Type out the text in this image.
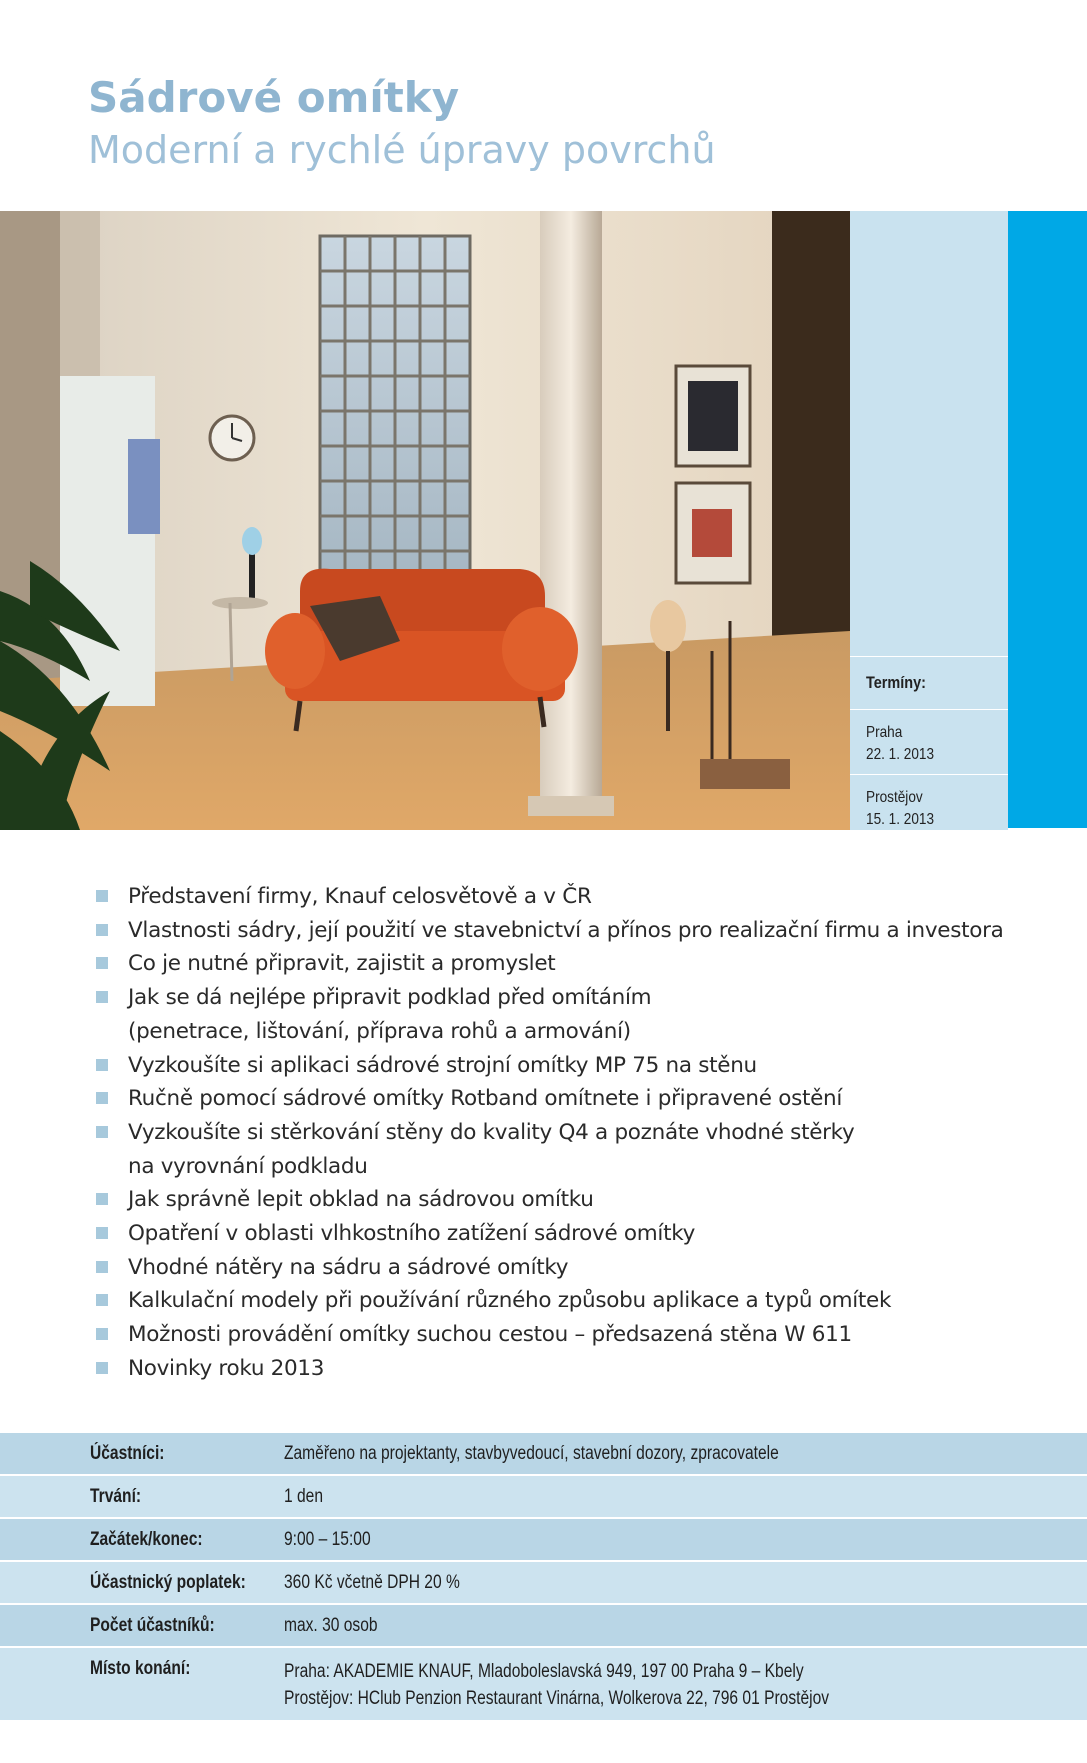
Sádrové omítky
Moderní a rychlé úpravy povrchů
Termíny:
Praha
22. 1. 2013
Prostějov
15. 1. 2013
Představení firmy, Knauf celosvětově a v ČR
Vlastnosti sádry, její použití ve stavebnictví a přínos pro realizační firmu a investora
Co je nutné připravit, zajistit a promyslet
Jak se dá nejlépe připravit podklad před omítáním
(penetrace, lištování, příprava rohů a armování)
Vyzkoušíte si aplikaci sádrové strojní omítky MP 75 na stěnu
Ručně pomocí sádrové omítky Rotband omítnete i připravené ostění
Vyzkoušíte si stěrkování stěny do kvality Q4 a poznáte vhodné stěrky
na vyrovnání podkladu
Jak správně lepit obklad na sádrovou omítku
Opatření v oblasti vlhkostního zatížení sádrové omítky
Vhodné nátěry na sádru a sádrové omítky
Kalkulační modely při používání různého způsobu aplikace a typů omítek
Možnosti provádění omítky suchou cestou – předsazená stěna W 611
Novinky roku 2013
Účastníci:	Zaměřeno na projektanty, stavbyvedoucí, stavební dozory, zpracovatele
Trvání:	1 den
Začátek/konec:	9:00 – 15:00
Účastnický poplatek:	360 Kč včetně DPH 20 %
Počet účastníků:	max. 30 osob
Místo konání:	Praha: AKADEMIE KNAUF, Mladoboleslavská 949, 197 00 Praha 9 – Kbely
Prostějov: HClub Penzion Restaurant Vinárna, Wolkerova 22, 796 01 Prostějov
